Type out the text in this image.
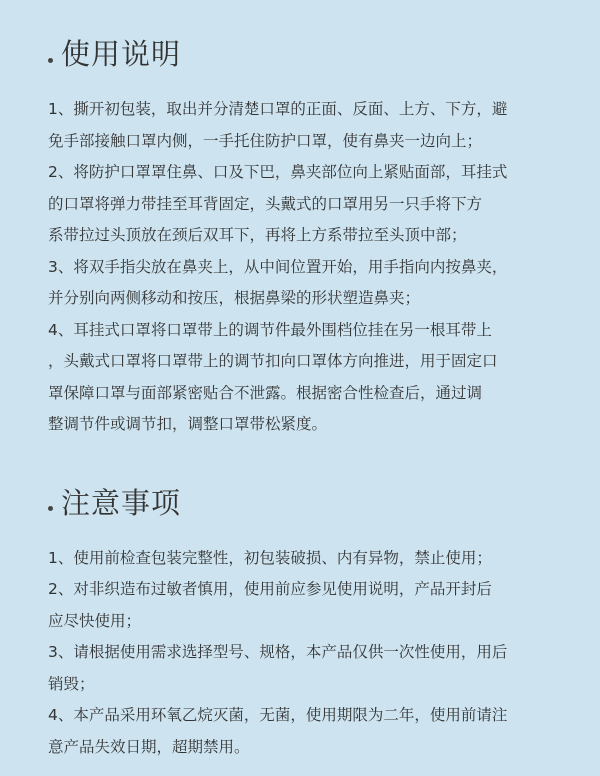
使用说明
1、撕开初包装，取出并分清楚口罩的正面、反面、上方、下方，避
免手部接触口罩内侧，一手托住防护口罩，使有鼻夹一边向上；
2、将防护口罩罩住鼻、口及下巴，鼻夹部位向上紧贴面部，耳挂式
的口罩将弹力带挂至耳背固定，头戴式的口罩用另一只手将下方
系带拉过头顶放在颈后双耳下，再将上方系带拉至头顶中部；
3、将双手指尖放在鼻夹上，从中间位置开始，用手指向内按鼻夹，
并分别向两侧移动和按压，根据鼻梁的形状塑造鼻夹；
4、耳挂式口罩将口罩带上的调节件最外围档位挂在另一根耳带上
，头戴式口罩将口罩带上的调节扣向口罩体方向推进，用于固定口
罩保障口罩与面部紧密贴合不泄露。根据密合性检查后，通过调
整调节件或调节扣，调整口罩带松紧度。
注意事项
1、使用前检查包装完整性，初包装破损、内有异物，禁止使用；
2、对非织造布过敏者慎用，使用前应参见使用说明，产品开封后
应尽快使用；
3、请根据使用需求选择型号、规格，本产品仅供一次性使用，用后
销毁；
4、本产品采用环氧乙烷灭菌，无菌，使用期限为二年，使用前请注
意产品失效日期，超期禁用。
